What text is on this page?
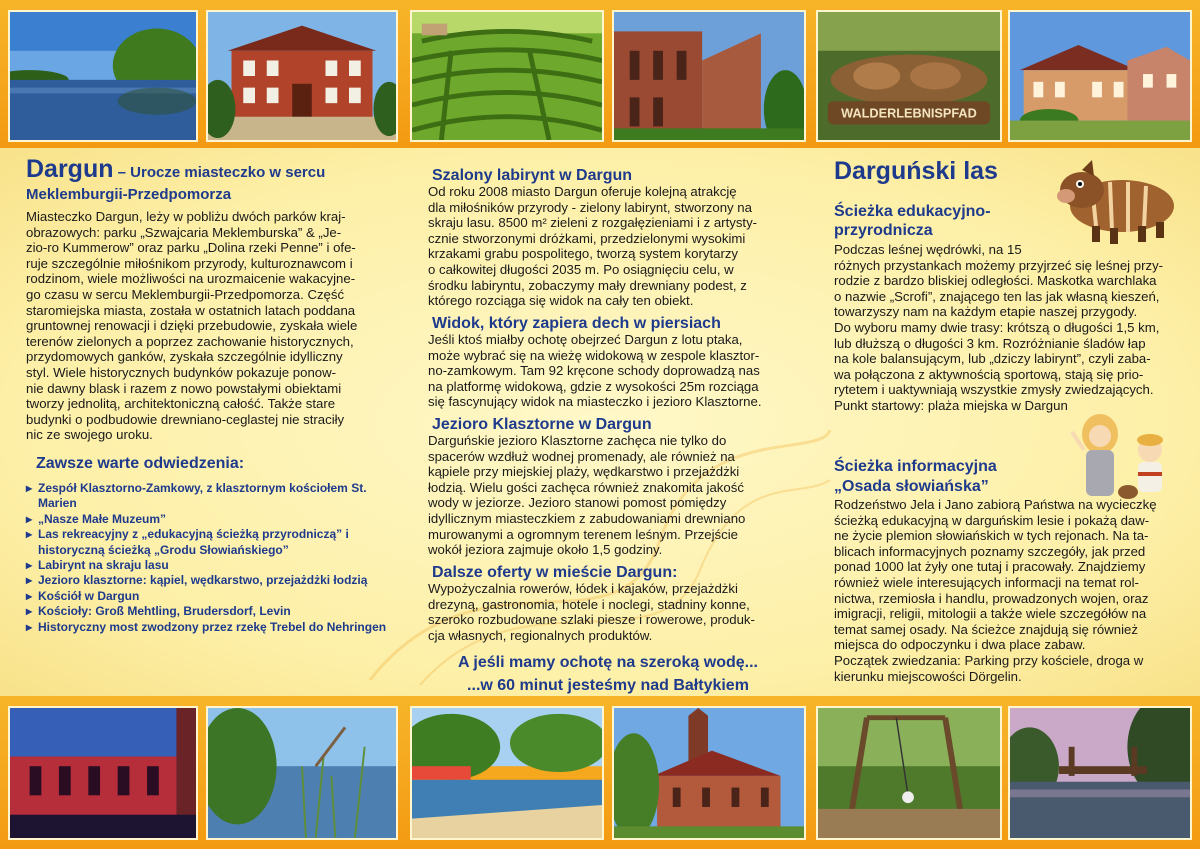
WALDERLEBNISPFAD
Dargun – Urocze miasteczko w sercu
Meklemburgii-Przedpomorza
Miasteczko Dargun, leży w pobliżu dwóch parków kraj-
obrazowych: parku „Szwajcaria Meklemburska” & „Je-
zio-ro Kummerow” oraz parku „Dolina rzeki Penne” i ofe-
ruje szczególnie miłośnikom przyrody, kulturoznawcom i
rodzinom, wiele możliwości na urozmaicenie wakacyjne-
go czasu w sercu Meklemburgii-Przedpomorza. Część
staromiejska miasta, została w ostatnich latach poddana
gruntownej renowacji i dzięki przebudowie, zyskała wiele
terenów zielonych a poprzez zachowanie historycznych,
przydomowych ganków, zyskała szczególnie idylliczny
styl. Wiele historycznych budynków pokazuje ponow-
nie dawny blask i razem z nowo powstałymi obiektami
tworzy jednolitą, architektoniczną całość. Także stare
budynki o podbudowie drewniano-ceglastej nie straciły
nic ze swojego uroku.
Zawsze warte odwiedzenia:
▸ Zespół Klasztorno-Zamkowy, z klasztornym kościołem St.
Marien
▸ „Nasze Małe Muzeum”
▸ Las rekreacyjny z „edukacyjną ścieżką przyrodniczą” i
historyczną ścieżką „Grodu Słowiańskiego”
▸ Labirynt na skraju lasu
▸ Jezioro klasztorne: kąpiel, wędkarstwo, przejażdżki łodzią
▸ Kościół w Dargun
▸ Kościoły: Groß Mehtling, Brudersdorf, Levin
▸ Historyczny most zwodzony przez rzekę Trebel do Nehringen
Szalony labirynt w Dargun
Od roku 2008 miasto Dargun oferuje kolejną atrakcję
dla miłośników przyrody - zielony labirynt, stworzony na
skraju lasu. 8500 m² zieleni z rozgałęzieniami i z artysty-
cznie stworzonymi dróżkami, przedzielonymi wysokimi
krzakami grabu pospolitego, tworzą system korytarzy
o całkowitej długości 2035 m. Po osiągnięciu celu, w
środku labiryntu, zobaczymy mały drewniany podest, z
którego rozciąga się widok na cały ten obiekt.
Widok, który zapiera dech w piersiach
Jeśli ktoś miałby ochotę obejrzeć Dargun z lotu ptaka,
może wybrać się na wieżę widokową w zespole klasztor-
no-zamkowym. Tam 92 kręcone schody doprowadzą nas
na platformę widokową, gdzie z wysokości 25m rozciąga
się fascynujący widok na miasteczko i jezioro Klasztorne.
Jezioro Klasztorne w Dargun
Darguńskie jezioro Klasztorne zachęca nie tylko do
spacerów wzdłuż wodnej promenady, ale również na
kąpiele przy miejskiej plaży, wędkarstwo i przejażdżki
łodzią. Wielu gości zachęca również znakomita jakość
wody w jeziorze. Jezioro stanowi pomost pomiędzy
idyllicznym miasteczkiem z zabudowaniami drewniano
murowanymi a ogromnym terenem leśnym. Przejście
wokół jeziora zajmuje około 1,5 godziny.
Dalsze oferty w mieście Dargun:
Wypożyczalnia rowerów, łódek i kajaków, przejażdżki
drezyną, gastronomia, hotele i noclegi, stadniny konne,
szeroko rozbudowane szlaki piesze i rowerowe, produk-
cja własnych, regionalnych produktów.
A jeśli mamy ochotę na szeroką wodę...
...w 60 minut jesteśmy nad Bałtykiem
Darguński las
Ścieżka edukacyjno-
przyrodnicza
Podczas leśnej wędrówki, na 15
różnych przystankach możemy przyjrzeć się leśnej przy-
rodzie z bardzo bliskiej odległości. Maskotka warchlaka
o nazwie „Scrofi”, znającego ten las jak własną kieszeń,
towarzyszy nam na każdym etapie naszej przygody.
Do wyboru mamy dwie trasy: krótszą o długości 1,5 km,
lub dłuższą o długości 3 km. Rozróżnianie śladów łap
na kole balansującym, lub „dziczy labirynt”, czyli zaba-
wa połączona z aktywnością sportową, stają się prio-
rytetem i uaktywniają wszystkie zmysły zwiedzających.
Punkt startowy: plaża miejska w Dargun
Ścieżka informacyjna
„Osada słowiańska”
Rodzeństwo Jela i Jano zabiorą Państwa na wycieczkę
ścieżką edukacyjną w darguńskim lesie i pokażą daw-
ne życie plemion słowiańskich w tych rejonach. Na ta-
blicach informacyjnych poznamy szczegóły, jak przed
ponad 1000 lat żyły one tutaj i pracowały. Znajdziemy
również wiele interesujących informacji na temat rol-
nictwa, rzemiosła i handlu, prowadzonych wojen, oraz
imigracji, religii, mitologii a także wiele szczegółów na
temat samej osady. Na ścieżce znajdują się również
miejsca do odpoczynku i dwa place zabaw.
Początek zwiedzania: Parking przy kościele, droga w
kierunku miejscowości Dörgelin.
